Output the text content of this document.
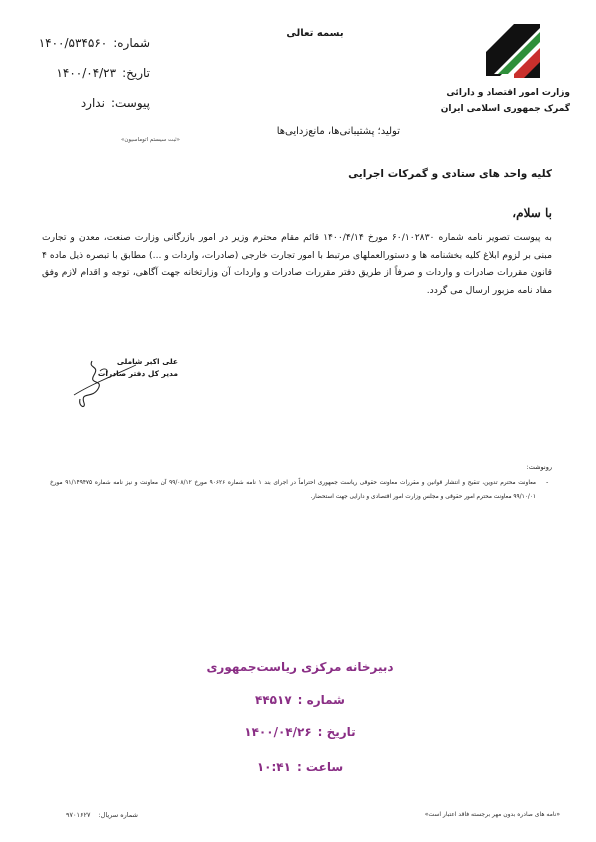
بسمه تعالی
شماره:۱۴۰۰/۵۳۴۵۶۰
تاریخ:۱۴۰۰/۰۴/۲۳
پیوست:ندارد
وزارت امور اقتصاد و دارائی
گمرک جمهوری اسلامی ایران
«ثبت سیستم اتوماسیون»
تولید؛ پشتیبانی‌ها، مانع‌زدایی‌ها
کلیه واحد های ستادی و گمرکات اجرایی
با سلام،
به پیوست تصویر نامه شماره ۶۰/۱۰۲۸۳۰ مورخ ۱۴۰۰/۴/۱۴ قائم مقام محترم وزیر در امور بازرگانی وزارت صنعت، معدن و تجارت مبنی بر لزوم ابلاغ کلیه بخشنامه ها و دستورالعملهای مرتبط با امور تجارت خارجی (صادرات، واردات و ...) مطابق با تبصره ذیل ماده ۴ قانون مقررات صادرات و واردات و صرفاً از طریق دفتر مقررات صادرات و واردات آن وزارتخانه جهت آگاهی، توجه و اقدام لازم وفق مفاد نامه مزبور ارسال می گردد.
علی اکبر شاملی
مدیر کل دفتر صادرات
رونوشت:
-
معاونت محترم تدوین، تنقیح و انتشار قوانین و مقررات معاونت حقوقی ریاست جمهوری احتراماً در اجرای بند ۱ نامه شماره ۹۰۶۲۶ مورخ ۹۹/۰۸/۱۲ آن معاونت و نیز نامه شماره ۹۱/۱۴۹۴۷۵ مورخ ۹۹/۱۰/۰۱ معاونت محترم امور حقوقی و مجلس وزارت امور اقتصادی و دارایی جهت استحضار.
دبیرخانه مرکزی ریاست‌جمهوری
شماره :۴۴۵۱۷
تاریخ :۱۴۰۰/۰۴/۲۶
ساعت :۱۰:۴۱
«نامه های صادره بدون مهر برجسته فاقد اعتبار است»
شماره سریال:۹۷۰۱۶۲۷
